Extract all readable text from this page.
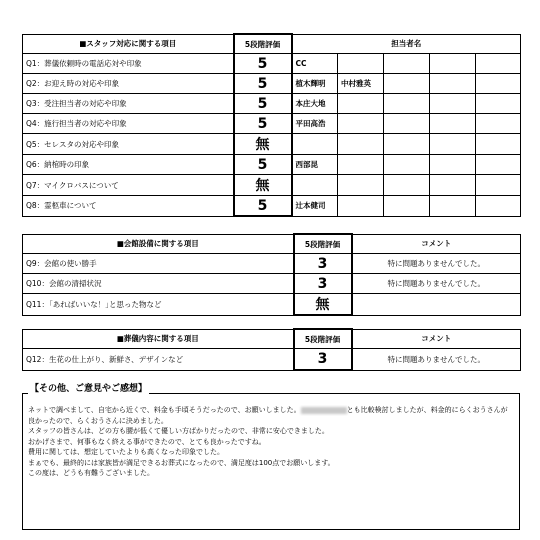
■スタッフ対応に関する項目	5段階評価	担当者名				
Q1：葬儀依頼時の電話応対や印象	5	CC				
Q2：お迎え時の対応や印象	5	植木輝明	中村雅英			
Q3：受注担当者の対応や印象	5	本庄大地				
Q4：施行担当者の対応や印象	5	平田高浩				
Q5：セレスタの対応や印象	無					
Q6：納棺時の印象	5	西部昆				
Q7：マイクロバスについて	無					
Q8：霊柩車について	5	辻本健司				
■会館設備に関する項目	5段階評価	コメント
Q9：会館の使い勝手	3	特に問題ありませんでした。
Q10：会館の清掃状況	3	特に問題ありませんでした。
Q11：｢あればいいな！｣と思った物など	無	
■葬儀内容に関する項目	5段階評価	コメント
Q12：生花の仕上がり、新鮮さ、デザインなど	3	特に問題ありませんでした。
【その他、ご意見やご感想】
ネットで調べまして、自宅から近くで、料金も手頃そうだったので、お願いしました。	とも比較検討しましたが、料金的にらくおうさんが
良かったので、らくおうさんに決めました。
スタッフの皆さんは、どの方も腰が低くて優しい方ばかりだったので、非常に安心できました。
おかげさまで、何事もなく終える事ができたので、とても良かったですね。
費用に関しては、想定していたよりも高くなった印象でした。
まぁでも、最終的には家族皆が満足できるお葬式になったので、満足度は100点でお願いします。
この度は、どうも有難うございました。
